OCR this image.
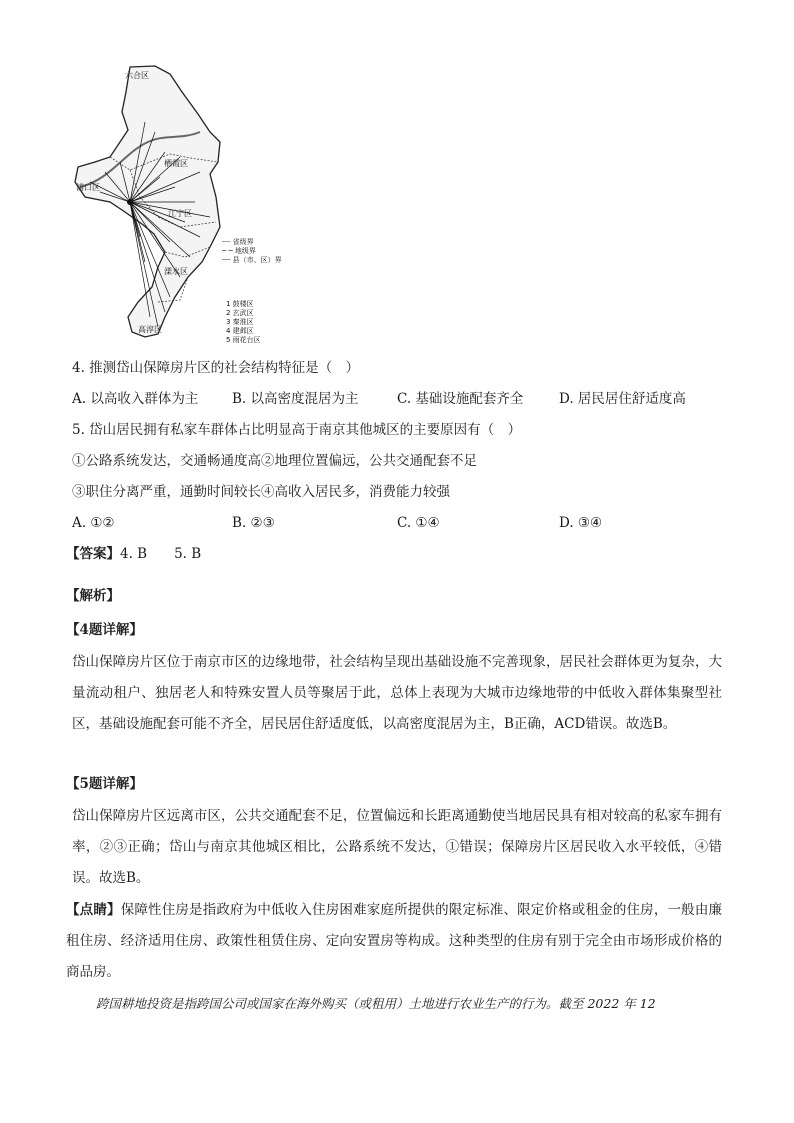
六合区
浦口区
栖霞区
江宁区
溧水区
高淳区
┈┈ 省级界
─ ─ 地级界
┄┄ 县（市、区）界
1 鼓楼区
2 玄武区
3 秦淮区
4 建邺区
5 雨花台区
4. 推测岱山保障房片区的社会结构特征是（　）
A. 以高收入群体为主 B. 以高密度混居为主	C. 基础设施配套齐全	D. 居民居住舒适度高
5. 岱山居民拥有私家车群体占比明显高于南京其他城区的主要原因有（　）
①公路系统发达，交通畅通度高②地理位置偏远，公共交通配套不足
③职住分离严重，通勤时间较长④高收入居民多，消费能力较强
A. ①②	B. ②③	C. ①④	D. ③④
【答案】4. B　　5. B
【解析】
【4题详解】
岱山保障房片区位于南京市区的边缘地带，社会结构呈现出基础设施不完善现象，居民社会群体更为复杂，大量流动租户、独居老人和特殊安置人员等聚居于此，总体上表现为大城市边缘地带的中低收入群体集聚型社区，基础设施配套可能不齐全，居民居住舒适度低，以高密度混居为主，B正确，ACD错误。故选B。
【5题详解】
岱山保障房片区远离市区，公共交通配套不足，位置偏远和长距离通勤使当地居民具有相对较高的私家车拥有率，②③正确；岱山与南京其他城区相比，公路系统不发达，①错误；保障房片区居民收入水平较低，④错误。故选B。
【点睛】保障性住房是指政府为中低收入住房困难家庭所提供的限定标准、限定价格或租金的住房，一般由廉租住房、经济适用住房、政策性租赁住房、定向安置房等构成。这种类型的住房有别于完全由市场形成价格的商品房。
跨国耕地投资是指跨国公司或国家在海外购买（或租用）土地进行农业生产的行为。截至 2022 年 12
